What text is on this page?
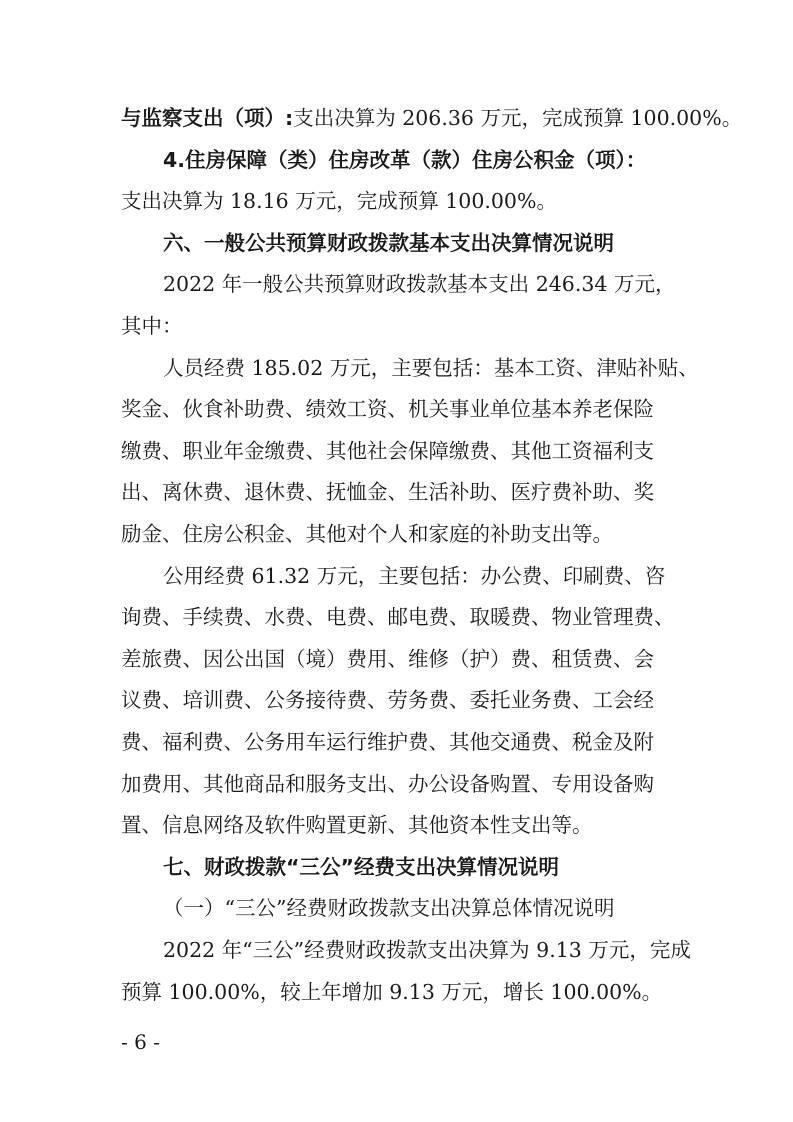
与监察支出（项）:支出决算为 206.36 万元，完成预算 100.00%。
4.住房保障（类）住房改革（款）住房公积金（项）：
支出决算为 18.16 万元，完成预算 100.00%。
六、一般公共预算财政拨款基本支出决算情况说明
2022 年一般公共预算财政拨款基本支出 246.34 万元，
其中：
人员经费 185.02 万元，主要包括：基本工资、津贴补贴、
奖金、伙食补助费、绩效工资、机关事业单位基本养老保险
缴费、职业年金缴费、其他社会保障缴费、其他工资福利支
出、离休费、退休费、抚恤金、生活补助、医疗费补助、奖
励金、住房公积金、其他对个人和家庭的补助支出等。
公用经费 61.32 万元，主要包括：办公费、印刷费、咨
询费、手续费、水费、电费、邮电费、取暖费、物业管理费、
差旅费、因公出国（境）费用、维修（护）费、租赁费、会
议费、培训费、公务接待费、劳务费、委托业务费、工会经
费、福利费、公务用车运行维护费、其他交通费、税金及附
加费用、其他商品和服务支出、办公设备购置、专用设备购
置、信息网络及软件购置更新、其他资本性支出等。
七、财政拨款“三公”经费支出决算情况说明
（一）“三公”经费财政拨款支出决算总体情况说明
2022 年“三公”经费财政拨款支出决算为 9.13 万元，完成
预算 100.00%，较上年增加 9.13 万元，增长 100.00%。
- 6 -
